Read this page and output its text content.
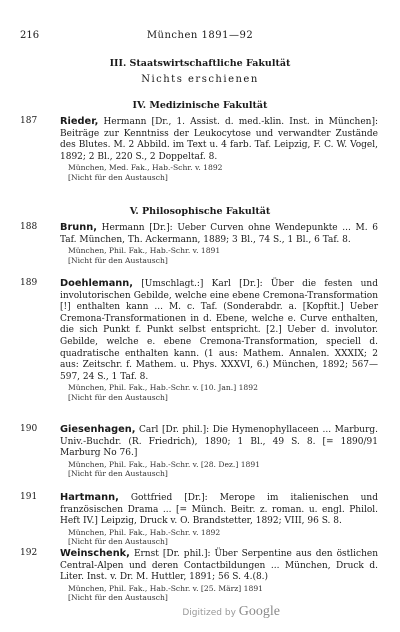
216	München 1891—92
III. Staatswirtschaftliche Fakultät
Nichts erschienen
IV. Medizinische Fakultät
187 Rieder, Hermann [Dr., 1. Assist. d. med.-klin. Inst. in München]: Beiträge zur Kenntniss der Leukocytose und verwandter Zustände des Blutes. M. 2 Abbild. im Text u. 4 farb. Taf. Leipzig, F. C. W. Vogel, 1892; 2 Bl., 220 S., 2 Doppeltaf. 8.
München, Med. Fak., Hab.-Schr. v. 1892
[Nicht für den Austausch]
V. Philosophische Fakultät
188 Brunn, Hermann [Dr.]: Ueber Curven ohne Wendepunkte ... M. 6 Taf. München, Th. Ackermann, 1889; 3 Bl., 74 S., 1 Bl., 6 Taf. 8.
München, Phil. Fak., Hab.-Schr. v. 1891
[Nicht für den Austausch]
189 Doehlemann, [Umschlagt.:] Karl [Dr.]: Über die festen und involutorischen Gebilde, welche eine ebene Cremona-Transformation [!] enthalten kann ... M. c. Taf. (Sonderabdr. a. [Kopftit.] Ueber Cremona-Transformationen in d. Ebene, welche e. Curve enthalten, die sich Punkt f. Punkt selbst entspricht. [2.] Ueber d. involutor. Gebilde, welche e. ebene Cremona-Transformation, speciell d. quadratische enthalten kann. (1 aus: Mathem. Annalen. XXXIX; 2 aus: Zeitschr. f. Mathem. u. Phys. XXXVI, 6.) München, 1892; 567—597, 24 S., 1 Taf. 8.
München, Phil. Fak., Hab.-Schr. v. [10. Jan.] 1892
[Nicht für den Austausch]
190 Giesenhagen, Carl [Dr. phil.]: Die Hymenophyllaceen ... Marburg. Univ.-Buchdr. (R. Friedrich), 1890; 1 Bl., 49 S. 8. [= 1890/91 Marburg No 76.]
München, Phil. Fak., Hab.-Schr. v. [28. Dez.] 1891
[Nicht für den Austausch]
191 Hartmann, Gottfried [Dr.]: Merope im italienischen und französischen Drama ... [= Münch. Beitr. z. roman. u. engl. Philol. Heft IV.] Leipzig, Druck v. O. Brandstetter, 1892; VIII, 96 S. 8.
München, Phil. Fak., Hab.-Schr. v. 1892
[Nicht für den Austausch]
192 Weinschenk, Ernst [Dr. phil.]: Über Serpentine aus den östlichen Central-Alpen und deren Contactbildungen ... München, Druck d. Liter. Inst. v. Dr. M. Huttler, 1891; 56 S. 4.(8.)
München, Phil. Fak., Hab.-Schr. v. [25. März] 1891
[Nicht für den Austausch]
Digitized by Google
